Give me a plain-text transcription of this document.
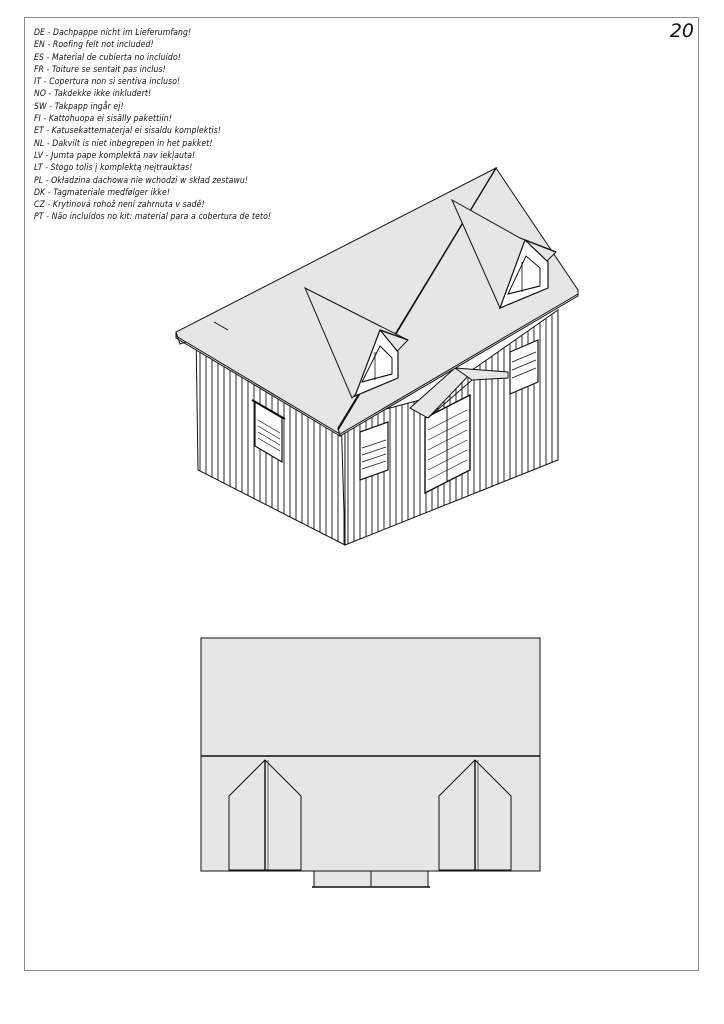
20
DE - Dachpappe nicht im Lieferumfang!
EN - Roofing felt not included!
ES - Material de cubierta no incluido!
FR - Toiture se sentait pas inclus!
IT - Copertura non si sentiva incluso!
NO - Takdekke ikke inkludert!
SW - Takpapp ingår ej!
FI - Kattohuopa ei sisälly pakettiin!
ET - Katusekattematerjal ei sisaldu komplektis!
NL - Dakvilt is niet inbegrepen in het pakket!
LV - Jumta pape komplektā nav iekļauta!
LT - Stogo tolis į komplektą neįtrauktas!
PL - Okładzina dachowa nie wchodzi w skład zestawu!
DK - Tagmateriale medfølger ikke!
CZ - Krytinová rohož není zahrnuta v sadě!
PT - Não incluídos no kit: material para a cobertura de teto!
